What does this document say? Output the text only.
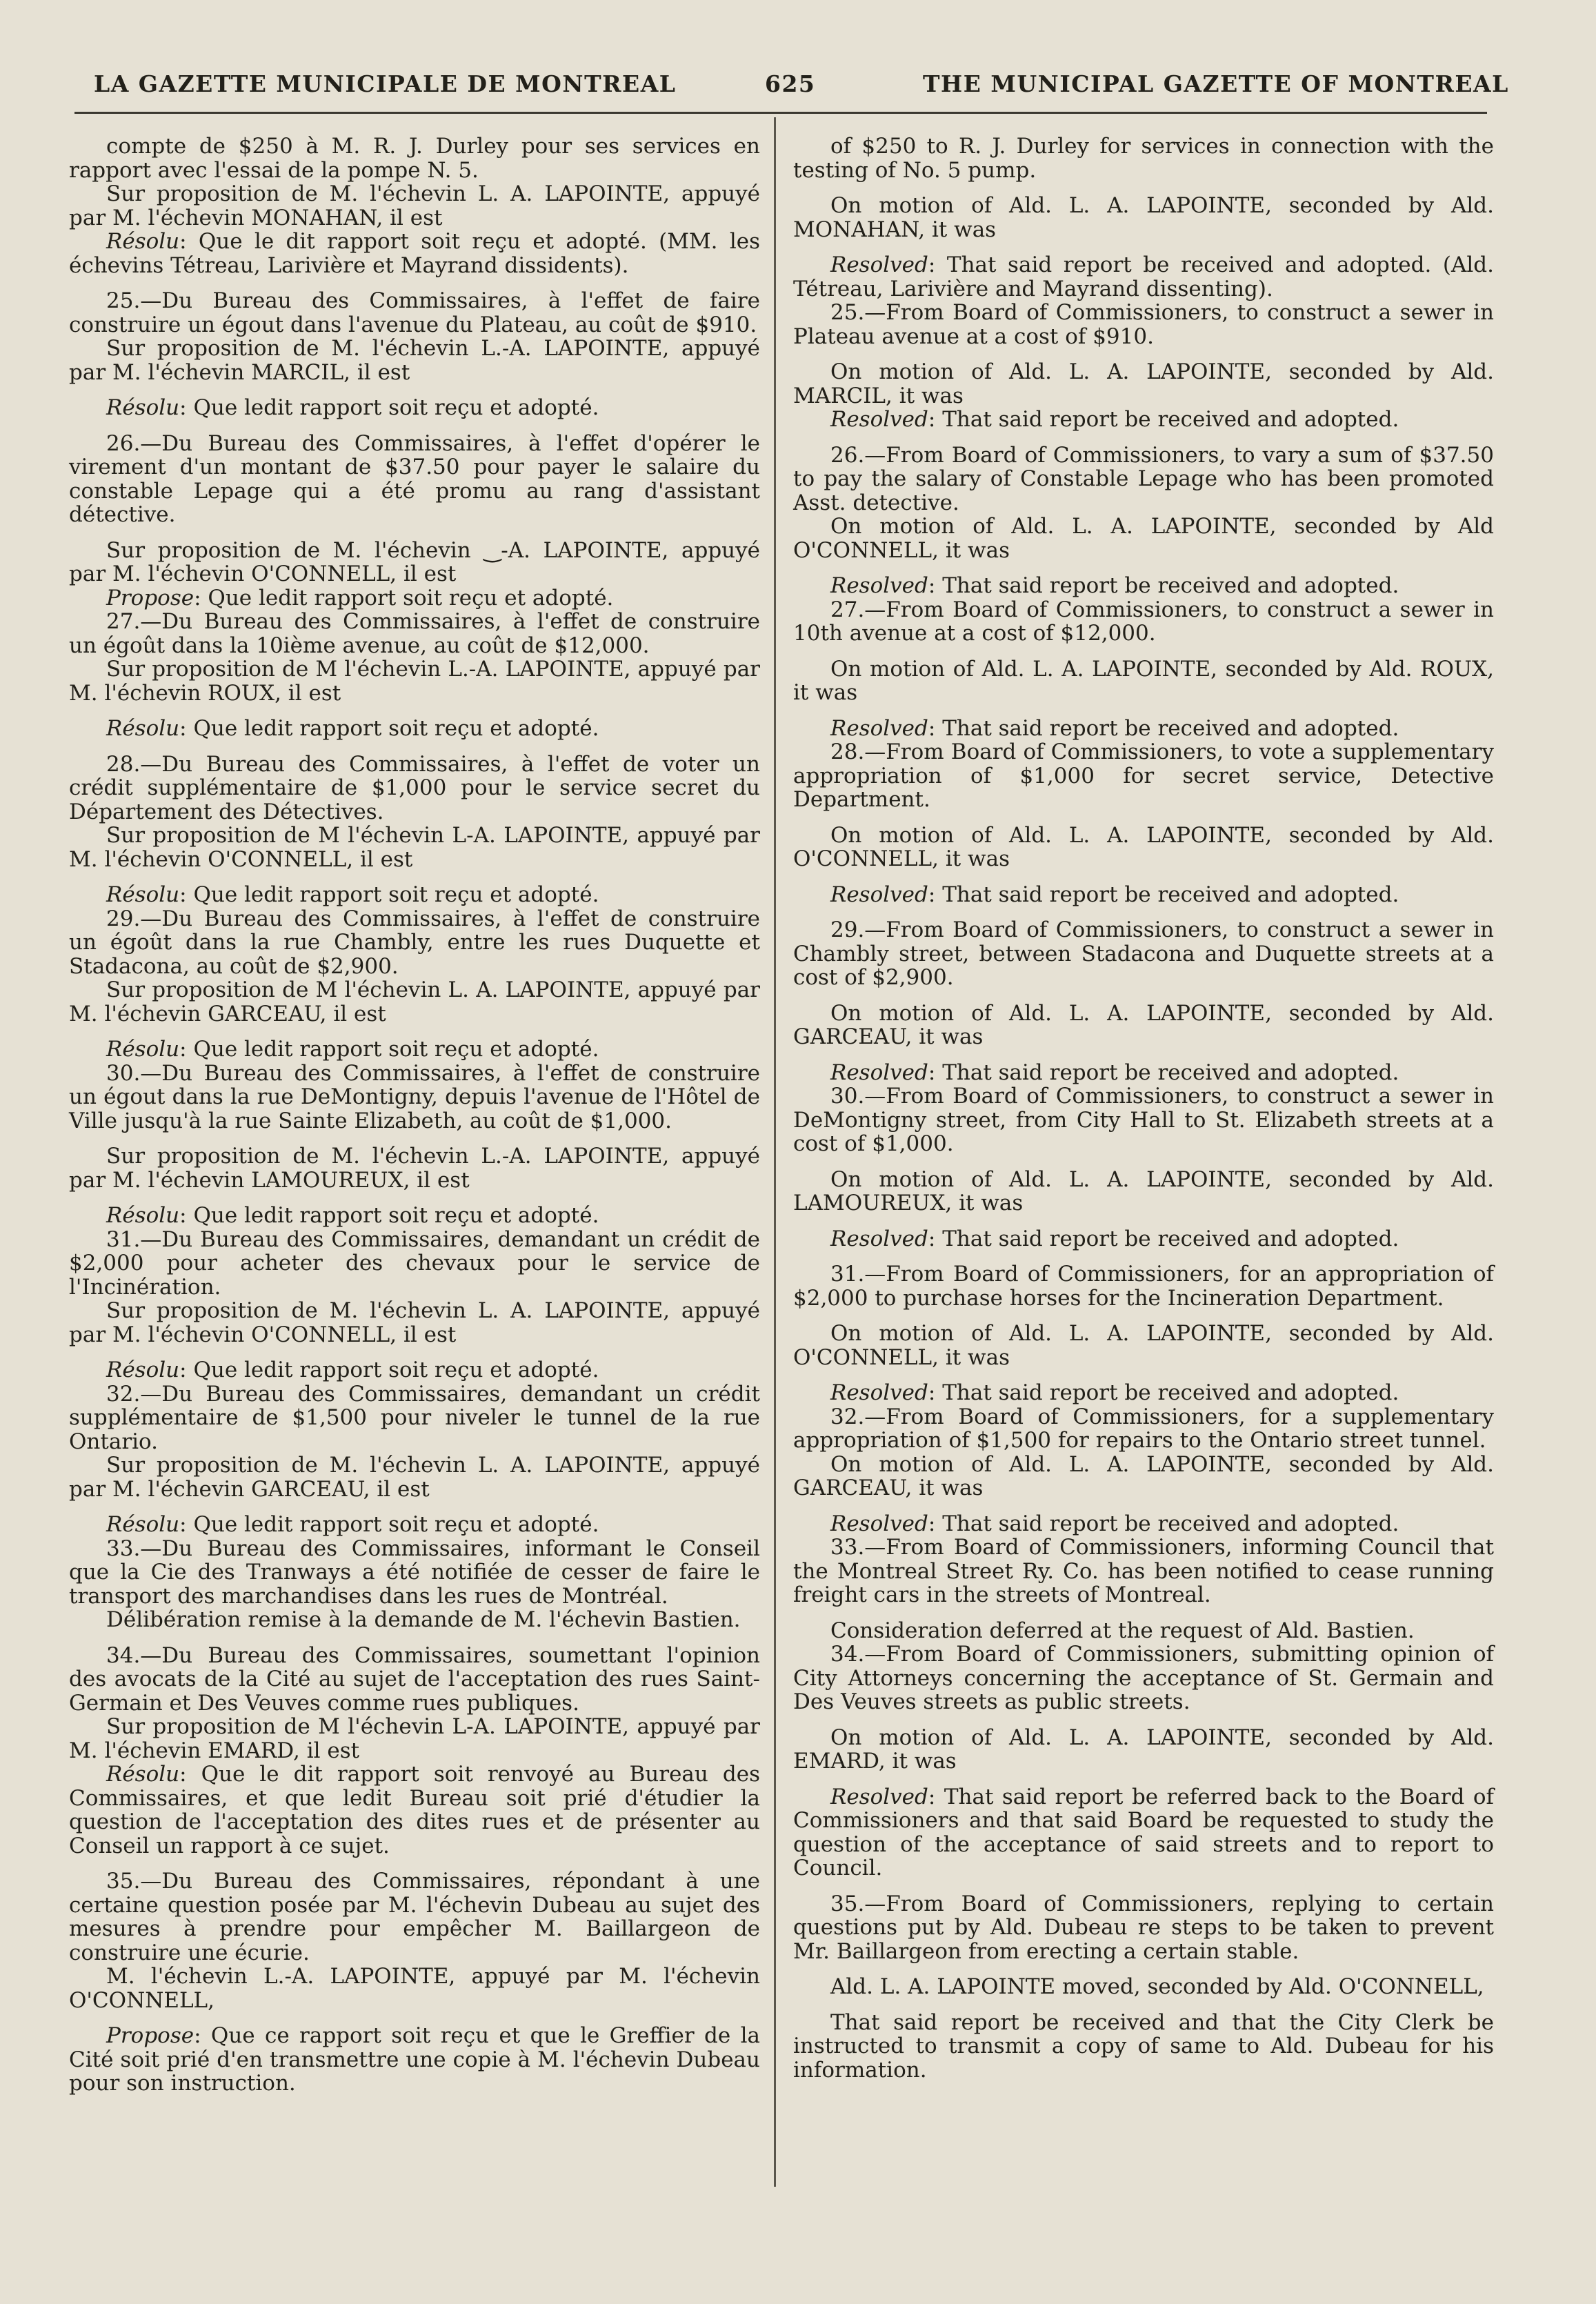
LA GAZETTE MUNICIPALE DE MONTREAL	625	THE MUNICIPAL GAZETTE OF MONTREAL

compte de $250 à M. R. J. Durley pour ses services en rapport avec l'essai de la pompe N. 5.

Sur proposition de M. l'échevin L. A. LAPOINTE, appuyé par M. l'échevin MONAHAN, il est

Résolu: Que le dit rapport soit reçu et adopté. (MM. les échevins Tétreau, Larivière et Mayrand dissidents).

25.—Du Bureau des Commissaires, à l'effet de faire construire un égout dans l'avenue du Plateau, au coût de $910.

Sur proposition de M. l'échevin L.-A. LAPOINTE, appuyé par M. l'échevin MARCIL, il est

Résolu: Que ledit rapport soit reçu et adopté.

26.—Du Bureau des Commissaires, à l'effet d'opérer le virement d'un montant de $37.50 pour payer le salaire du constable Lepage qui a été promu au rang d'assistant détective.

Sur proposition de M. l'échevin ‿-A. LAPOINTE, appuyé par M. l'échevin O'CONNELL, il est

Propose: Que ledit rapport soit reçu et adopté.

27.—Du Bureau des Commissaires, à l'effet de construire un égoût dans la 10ième avenue, au coût de $12,000.

Sur proposition de M l'échevin L.-A. LAPOINTE, appuyé par M. l'échevin ROUX, il est

Résolu: Que ledit rapport soit reçu et adopté.

28.—Du Bureau des Commissaires, à l'effet de voter un crédit supplémentaire de $1,000 pour le service secret du Département des Détectives.

Sur proposition de M l'échevin L-A. LAPOINTE, appuyé par M. l'échevin O'CONNELL, il est

Résolu: Que ledit rapport soit reçu et adopté.

29.—Du Bureau des Commissaires, à l'effet de construire un égoût dans la rue Chambly, entre les rues Duquette et Stadacona, au coût de $2,900.

Sur proposition de M l'échevin L. A. LAPOINTE, appuyé par M. l'échevin GARCEAU, il est

Résolu: Que ledit rapport soit reçu et adopté.

30.—Du Bureau des Commissaires, à l'effet de construire un égout dans la rue DeMontigny, depuis l'avenue de l'Hôtel de Ville jusqu'à la rue Sainte Elizabeth, au coût de $1,000.

Sur proposition de M. l'échevin L.-A. LAPOINTE, appuyé par M. l'échevin LAMOUREUX, il est

Résolu: Que ledit rapport soit reçu et adopté.

31.—Du Bureau des Commissaires, demandant un crédit de $2,000 pour acheter des chevaux pour le service de l'Incinération.

Sur proposition de M. l'échevin L. A. LAPOINTE, appuyé par M. l'échevin O'CONNELL, il est

Résolu: Que ledit rapport soit reçu et adopté.

32.—Du Bureau des Commissaires, demandant un crédit supplémentaire de $1,500 pour niveler le tunnel de la rue Ontario.

Sur proposition de M. l'échevin L. A. LAPOINTE, appuyé par M. l'échevin GARCEAU, il est

Résolu: Que ledit rapport soit reçu et adopté.

33.—Du Bureau des Commissaires, informant le Conseil que la Cie des Tranways a été notifiée de cesser de faire le transport des marchandises dans les rues de Montréal.

Délibération remise à la demande de M. l'échevin Bastien.

34.—Du Bureau des Commissaires, soumettant l'opinion des avocats de la Cité au sujet de l'acceptation des rues Saint-Germain et Des Veuves comme rues publiques.

Sur proposition de M l'échevin L-A. LAPOINTE, appuyé par M. l'échevin EMARD, il est

Résolu: Que le dit rapport soit renvoyé au Bureau des Commissaires, et que ledit Bureau soit prié d'étudier la question de l'acceptation des dites rues et de présenter au Conseil un rapport à ce sujet.

35.—Du Bureau des Commissaires, répondant à une certaine question posée par M. l'échevin Dubeau au sujet des mesures à prendre pour empêcher M. Baillargeon de construire une écurie.

M. l'échevin L.-A. LAPOINTE, appuyé par M. l'échevin O'CONNELL,

Propose: Que ce rapport soit reçu et que le Greffier de la Cité soit prié d'en transmettre une copie à M. l'échevin Dubeau pour son instruction.

of $250 to R. J. Durley for services in connection with the testing of No. 5 pump.

On motion of Ald. L. A. LAPOINTE, seconded by Ald. MONAHAN, it was

Resolved: That said report be received and adopted. (Ald. Tétreau, Larivière and Mayrand dissenting).

25.—From Board of Commissioners, to construct a sewer in Plateau avenue at a cost of $910.

On motion of Ald. L. A. LAPOINTE, seconded by Ald. MARCIL, it was

Resolved: That said report be received and adopted.

26.—From Board of Commissioners, to vary a sum of $37.50 to pay the salary of Constable Lepage who has been promoted Asst. detective.

On motion of Ald. L. A. LAPOINTE, seconded by Ald O'CONNELL, it was

Resolved: That said report be received and adopted.

27.—From Board of Commissioners, to construct a sewer in 10th avenue at a cost of $12,000.

On motion of Ald. L. A. LAPOINTE, seconded by Ald. ROUX, it was

Resolved: That said report be received and adopted.

28.—From Board of Commissioners, to vote a supplementary appropriation of $1,000 for secret service, Detective Department.

On motion of Ald. L. A. LAPOINTE, seconded by Ald. O'CONNELL, it was

Resolved: That said report be received and adopted.

29.—From Board of Commissioners, to construct a sewer in Chambly street, between Stadacona and Duquette streets at a cost of $2,900.

On motion of Ald. L. A. LAPOINTE, seconded by Ald. GARCEAU, it was

Resolved: That said report be received and adopted.

30.—From Board of Commissioners, to construct a sewer in DeMontigny street, from City Hall to St. Elizabeth streets at a cost of $1,000.

On motion of Ald. L. A. LAPOINTE, seconded by Ald. LAMOUREUX, it was

Resolved: That said report be received and adopted.

31.—From Board of Commissioners, for an appropriation of $2,000 to purchase horses for the Incineration Department.

On motion of Ald. L. A. LAPOINTE, seconded by Ald. O'CONNELL, it was

Resolved: That said report be received and adopted.

32.—From Board of Commissioners, for a supplementary appropriation of $1,500 for repairs to the Ontario street tunnel.

On motion of Ald. L. A. LAPOINTE, seconded by Ald. GARCEAU, it was

Resolved: That said report be received and adopted.

33.—From Board of Commissioners, informing Council that the Montreal Street Ry. Co. has been notified to cease running freight cars in the streets of Montreal.

Consideration deferred at the request of Ald. Bastien.

34.—From Board of Commissioners, submitting opinion of City Attorneys concerning the acceptance of St. Germain and Des Veuves streets as public streets.

On motion of Ald. L. A. LAPOINTE, seconded by Ald. EMARD, it was

Resolved: That said report be referred back to the Board of Commissioners and that said Board be requested to study the question of the acceptance of said streets and to report to Council.

35.—From Board of Commissioners, replying to certain questions put by Ald. Dubeau re steps to be taken to prevent Mr. Baillargeon from erecting a certain stable.

Ald. L. A. LAPOINTE moved, seconded by Ald. O'CONNELL,

That said report be received and that the City Clerk be instructed to transmit a copy of same to Ald. Dubeau for his information.
